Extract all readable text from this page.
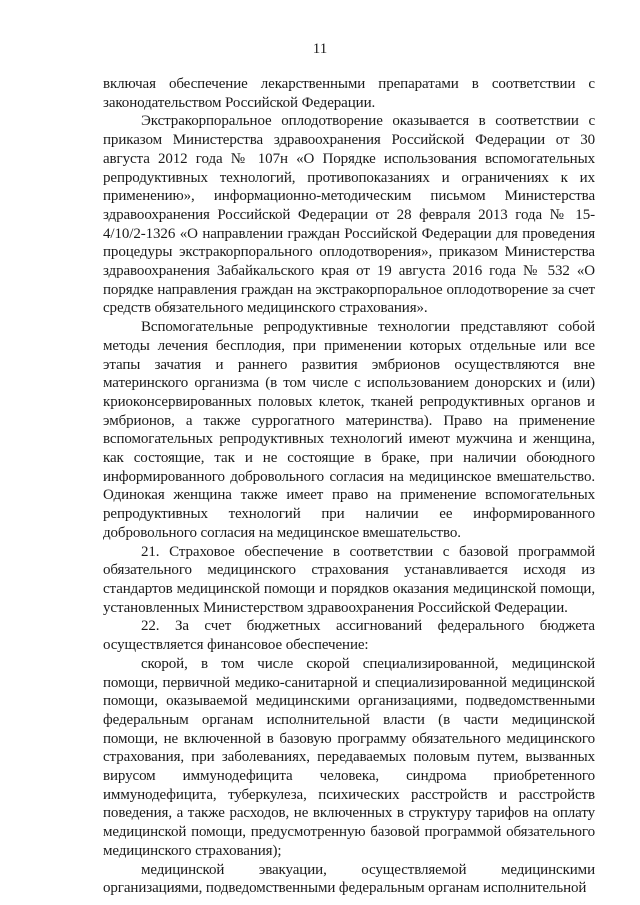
11

включая обеспечение лекарственными препаратами в соответствии с законодательством Российской Федерации.

Экстракорпоральное оплодотворение оказывается в соответствии с приказом Министерства здравоохранения Российской Федерации от 30 августа 2012 года № 107н «О Порядке использования вспомогательных репродуктивных технологий, противопоказаниях и ограничениях к их применению», информационно-методическим письмом Министерства здравоохранения Российской Федерации от 28 февраля 2013 года № 15-4/10/2-1326 «О направлении граждан Российской Федерации для проведения процедуры экстракорпорального оплодотворения», приказом Министерства здравоохранения Забайкальского края от 19 августа 2016 года № 532 «О порядке направления граждан на экстракорпоральное оплодотворение за счет средств обязательного медицинского страхования».

Вспомогательные репродуктивные технологии представляют собой методы лечения бесплодия, при применении которых отдельные или все этапы зачатия и раннего развития эмбрионов осуществляются вне материнского организма (в том числе с использованием донорских и (или) криоконсервированных половых клеток, тканей репродуктивных органов и эмбрионов, а также суррогатного материнства). Право на применение вспомогательных репродуктивных технологий имеют мужчина и женщина, как состоящие, так и не состоящие в браке, при наличии обоюдного информированного добровольного согласия на медицинское вмешательство. Одинокая женщина также имеет право на применение вспомогательных репродуктивных технологий при наличии ее информированного добровольного согласия на медицинское вмешательство.

21. Страховое обеспечение в соответствии с базовой программой обязательного медицинского страхования устанавливается исходя из стандартов медицинской помощи и порядков оказания медицинской помощи, установленных Министерством здравоохранения Российской Федерации.

22. За счет бюджетных ассигнований федерального бюджета осуществляется финансовое обеспечение:

скорой, в том числе скорой специализированной, медицинской помощи, первичной медико-санитарной и специализированной медицинской помощи, оказываемой медицинскими организациями, подведомственными федеральным органам исполнительной власти (в части медицинской помощи, не включенной в базовую программу обязательного медицинского страхования, при заболеваниях, передаваемых половым путем, вызванных вирусом иммунодефицита человека, синдрома приобретенного иммунодефицита, туберкулеза, психических расстройств и расстройств поведения, а также расходов, не включенных в структуру тарифов на оплату медицинской помощи, предусмотренную базовой программой обязательного медицинского страхования);

медицинской эвакуации, осуществляемой медицинскими организациями, подведомственными федеральным органам исполнительной
